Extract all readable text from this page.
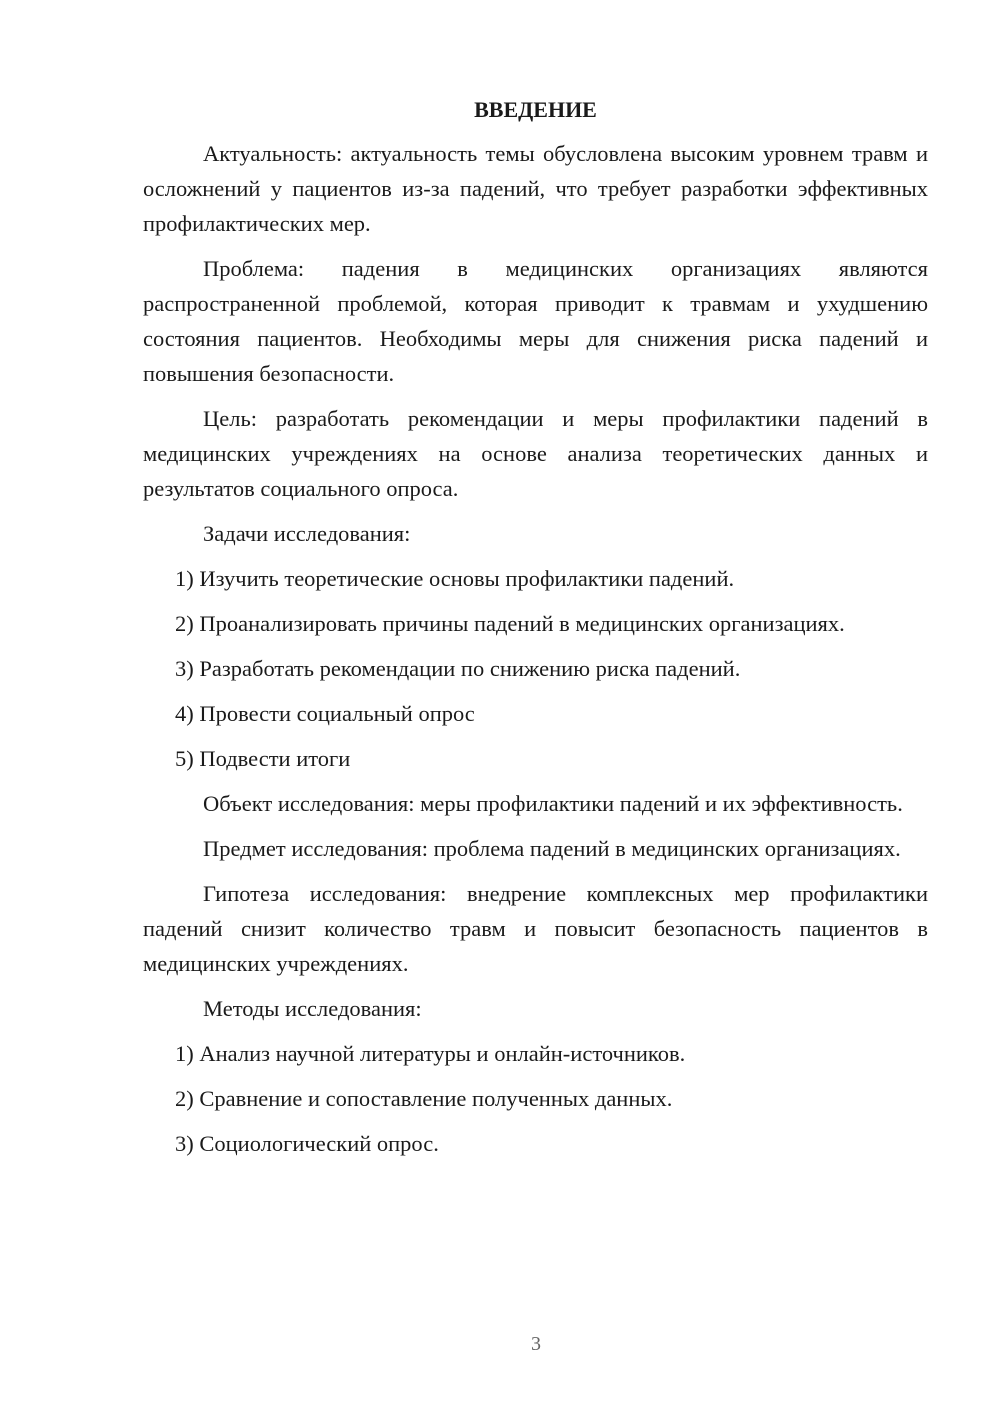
ВВЕДЕНИЕ

Актуальность: актуальность темы обусловлена высоким уровнем травм и осложнений у пациентов из-за падений, что требует разработки эффективных профилактических мер.

Проблема: падения в медицинских организациях являются распространенной проблемой, которая приводит к травмам и ухудшению состояния пациентов. Необходимы меры для снижения риска падений и повышения безопасности.

Цель: разработать рекомендации и меры профилактики падений в медицинских учреждениях на основе анализа теоретических данных и результатов социального опроса.

Задачи исследования:
1) Изучить теоретические основы профилактики падений.
2) Проанализировать причины падений в медицинских организациях.
3) Разработать рекомендации по снижению риска падений.
4) Провести социальный опрос
5) Подвести итоги

Объект исследования: меры профилактики падений и их эффективность.

Предмет исследования: проблема падений в медицинских организациях.

Гипотеза исследования: внедрение комплексных мер профилактики падений снизит количество травм и повысит безопасность пациентов в медицинских учреждениях.

Методы исследования:
1) Анализ научной литературы и онлайн-источников.
2) Сравнение и сопоставление полученных данных.
3) Социологический опрос.
3
